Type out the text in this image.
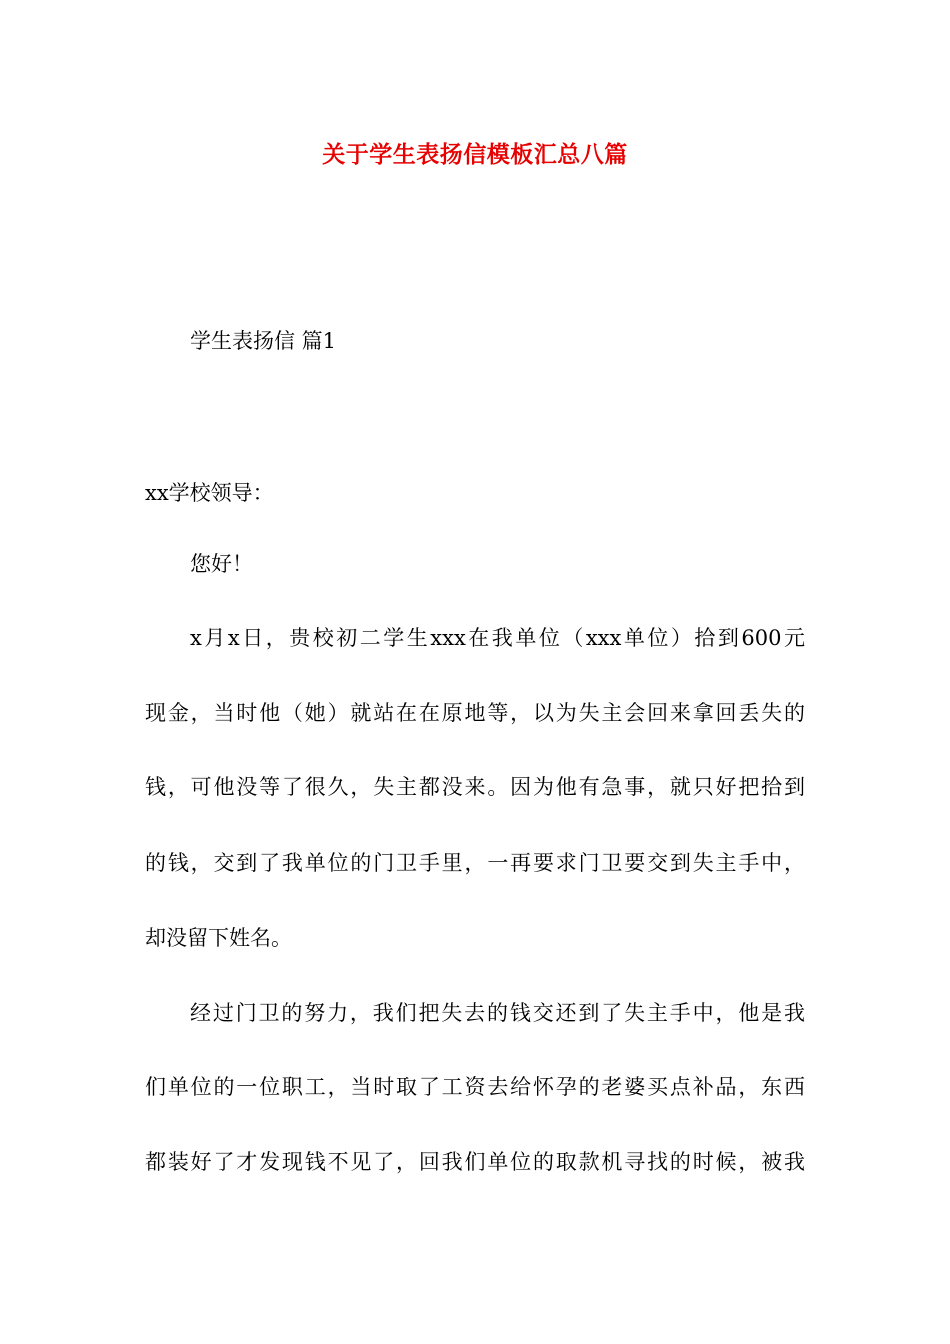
关于学生表扬信模板汇总八篇

学生表扬信 篇1

xx学校领导：

您好！

x月x日，贵校初二学生xxx在我单位（xxx单位）拾到600元

现金，当时他（她）就站在在原地等，以为失主会回来拿回丢失的

钱，可他没等了很久，失主都没来。因为他有急事，就只好把拾到

的钱，交到了我单位的门卫手里，一再要求门卫要交到失主手中，

却没留下姓名。

经过门卫的努力，我们把失去的钱交还到了失主手中，他是我

们单位的一位职工，当时取了工资去给怀孕的老婆买点补品，东西

都装好了才发现钱不见了，回我们单位的取款机寻找的时候，被我
